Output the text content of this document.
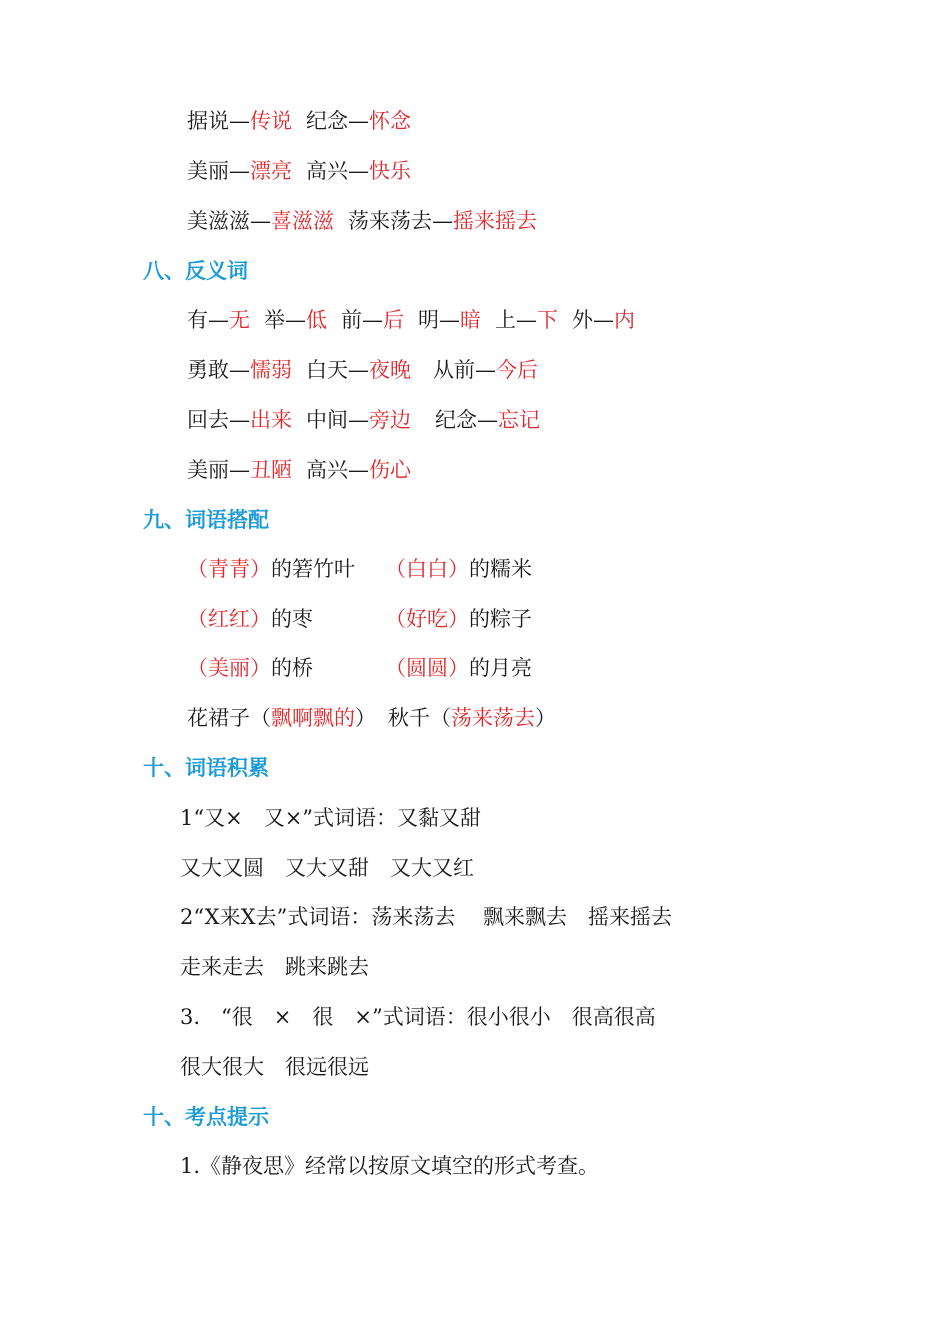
据说—传说 纪念—怀念
美丽—漂亮 高兴—快乐
美滋滋—喜滋滋 荡来荡去—摇来摇去
八、反义词
有—无 举—低 前—后 明—暗 上—下 外—内
勇敢—懦弱 白天—夜晚 从前—今后
回去—出来 中间—旁边 纪念—忘记
美丽—丑陋 高兴—伤心
九、词语搭配
（青青）的箬竹叶 （白白）的糯米
（红红）的枣	（好吃）的粽子
（美丽）的桥	（圆圆）的月亮
花裙子（飘啊飘的） 秋千（荡来荡去）
十、词语积累
1“又×　又×”式词语：又黏又甜
又大又圆　又大又甜　又大又红
2“X来X去”式词语：荡来荡去　 飘来飘去　摇来摇去
走来走去　跳来跳去
3.　“很　×　很　×”式词语：很小很小　很高很高
很大很大　很远很远
十、考点提示
1.《静夜思》经常以按原文填空的形式考查。
